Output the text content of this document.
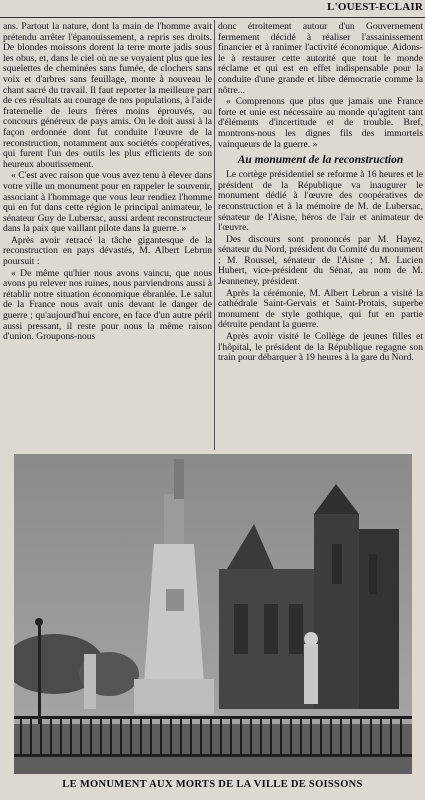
L'OUEST-ECLAIR

ans. Partout la nature, dont la main de l'homme avait prétendu arrêter l'épanouissement, a repris ses droits. De blondes moissons dorent la terre morte jadis sous les obus, et, dans le ciel où ne se voyaient plus que les squelettes de cheminées sans fumée, de clochers sans voix et d'arbres sans feuillage, monte à nouveau le chant sacré du travail. Il faut reporter la meilleure part de ces résultats au courage de nos populations, à l'aide fraternelle de leurs frères moins éprouvés, au concours généreux de pays amis. On le doit aussi à la façon ordonnée dont fut conduite l'œuvre de la reconstruction, notamment aux sociétés coopératives, qui furent l'un des outils les plus efficients de son heureux aboutissement.

« C'est avec raison que vous avez tenu à élever dans votre ville un monument pour en rappeler le souvenir, associant à l'hommage que vous leur rendiez l'homme qui en fut dans cette région le principal animateur, le sénateur Guy de Lubersac, aussi ardent reconstructeur dans la paix que vaillant pilote dans la guerre. »

Après avoir retracé la tâche gigantesque de la reconstruction en pays dévastés, M. Albert Lebrun poursuit :

« De même qu'hier nous avons vaincu, que nous avons pu relever nos ruines, nous parviendrons aussi à rétablir notre situation économique ébranlée. Le salut de la France nous avait unis devant le danger de guerre ; qu'aujourd'hui encore, en face d'un autre péril aussi pressant, il reste pour nous la même raison d'union. Groupons-nous

donc étroitement autour d'un Gouvernement fermement décidé à réaliser l'assainissement financier et à ranimer l'activité économique. Aidons-le à restaurer cette autorité que tout le monde réclame et qui est en effet indispensable pour la conduite d'une grande et libre démocratie comme la nôtre...

« Comprenons que plus que jamais une France forte et unie est nécessaire au monde qu'agitent tant d'éléments d'incertitude et de trouble. Bref, montrons-nous les dignes fils des immortels vainqueurs de la guerre. »

Au monument de la reconstruction

Le cortège présidentiel se reforme à 16 heures et le président de la République va inaugurer le monument dédié à l'œuvre des coopératives de reconstruction et à la mémoire de M. de Lubersac, sénateur de l'Aisne, héros de l'air et animateur de l'œuvre.

Des discours sont prononcés par M. Hayez, sénateur du Nord, président du Comité du monument ; M. Roussel, sénateur de l'Aisne ; M. Lucien Hubert, vice-président du Sénat, au nom de M. Jeanneney, président.

Après la cérémonie, M. Albert Lebrun a visité la cathédrale Saint-Gervais et Saint-Protais, superbe monument de style gothique, qui fut en partie détruite pendant la guerre.

Après avoir visité le Collège de jeunes filles et l'hôpital, le président de la République regagne son train pour débarquer à 19 heures à la gare du Nord.

LE MONUMENT AUX MORTS DE LA VILLE DE SOISSONS
